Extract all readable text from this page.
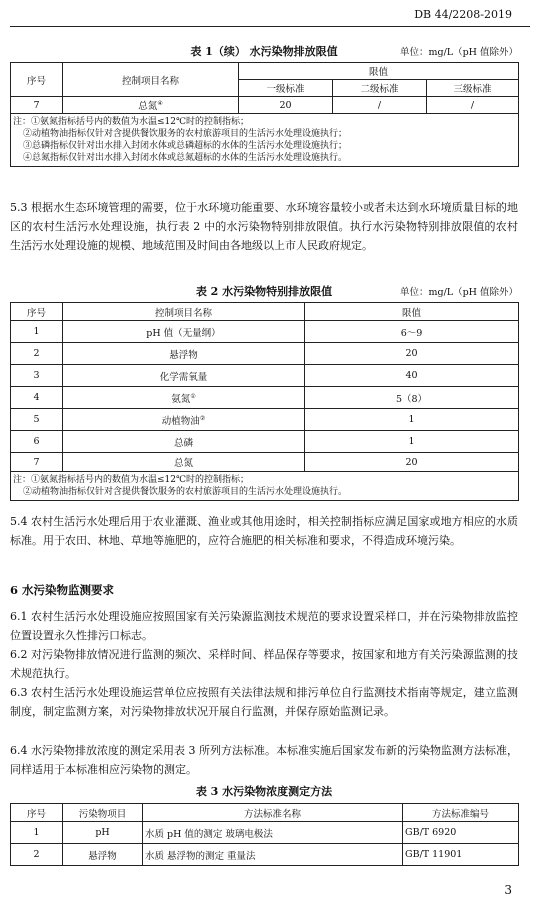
DB 44/2208-2019
表 1（续） 水污染物排放限值	单位：mg/L（pH 值除外）
序号	控制项目名称	限值		
		一级标准	二级标准	三级标准
7	总氮④	20	/	/

注：①氨氮指标括号内的数值为水温≤12℃时的控制指标；
②动植物油指标仅针对含提供餐饮服务的农村旅游项目的生活污水处理设施执行；
③总磷指标仅针对出水排入封闭水体或总磷超标的水体的生活污水处理设施执行；
④总氮指标仅针对出水排入封闭水体或总氮超标的水体的生活污水处理设施执行。				
5.3 根据水生态环境管理的需要，位于水环境功能重要、水环境容量较小或者未达到水环境质量目标的地区的农村生活污水处理设施，执行表 2 中的水污染物特别排放限值。执行水污染物特别排放限值的农村生活污水处理设施的规模、地域范围及时间由各地级以上市人民政府规定。
表 2 水污染物特别排放限值	单位：mg/L（pH 值除外）
序号	控制项目名称	限值
1	pH 值（无量纲）	6～9
2	悬浮物	20
3	化学需氧量	40
4	氨氮①	5（8）
5	动植物油②	1
6	总磷	1
7	总氮	20

注：①氨氮指标括号内的数值为水温≤12℃时的控制指标；
②动植物油指标仅针对含提供餐饮服务的农村旅游项目的生活污水处理设施执行。		
5.4 农村生活污水处理后用于农业灌溉、渔业或其他用途时，相关控制指标应满足国家或地方相应的水质标准。用于农田、林地、草地等施肥的，应符合施肥的相关标准和要求，不得造成环境污染。
6 水污染物监测要求
6.1 农村生活污水处理设施应按照国家有关污染源监测技术规范的要求设置采样口，并在污染物排放监控位置设置永久性排污口标志。
6.2 对污染物排放情况进行监测的频次、采样时间、样品保存等要求，按国家和地方有关污染源监测的技术规范执行。
6.3 农村生活污水处理设施运营单位应按照有关法律法规和排污单位自行监测技术指南等规定，建立监测制度，制定监测方案，对污染物排放状况开展自行监测，并保存原始监测记录。
6.4 水污染物排放浓度的测定采用表 3 所列方法标准。本标准实施后国家发布新的污染物监测方法标准，同样适用于本标准相应污染物的测定。
表 3 水污染物浓度测定方法
序号	污染物项目	方法标准名称	方法标准编号
1	pH	水质 pH 值的测定 玻璃电极法	GB/T 6920
2	悬浮物	水质 悬浮物的测定 重量法	GB/T 11901
3
